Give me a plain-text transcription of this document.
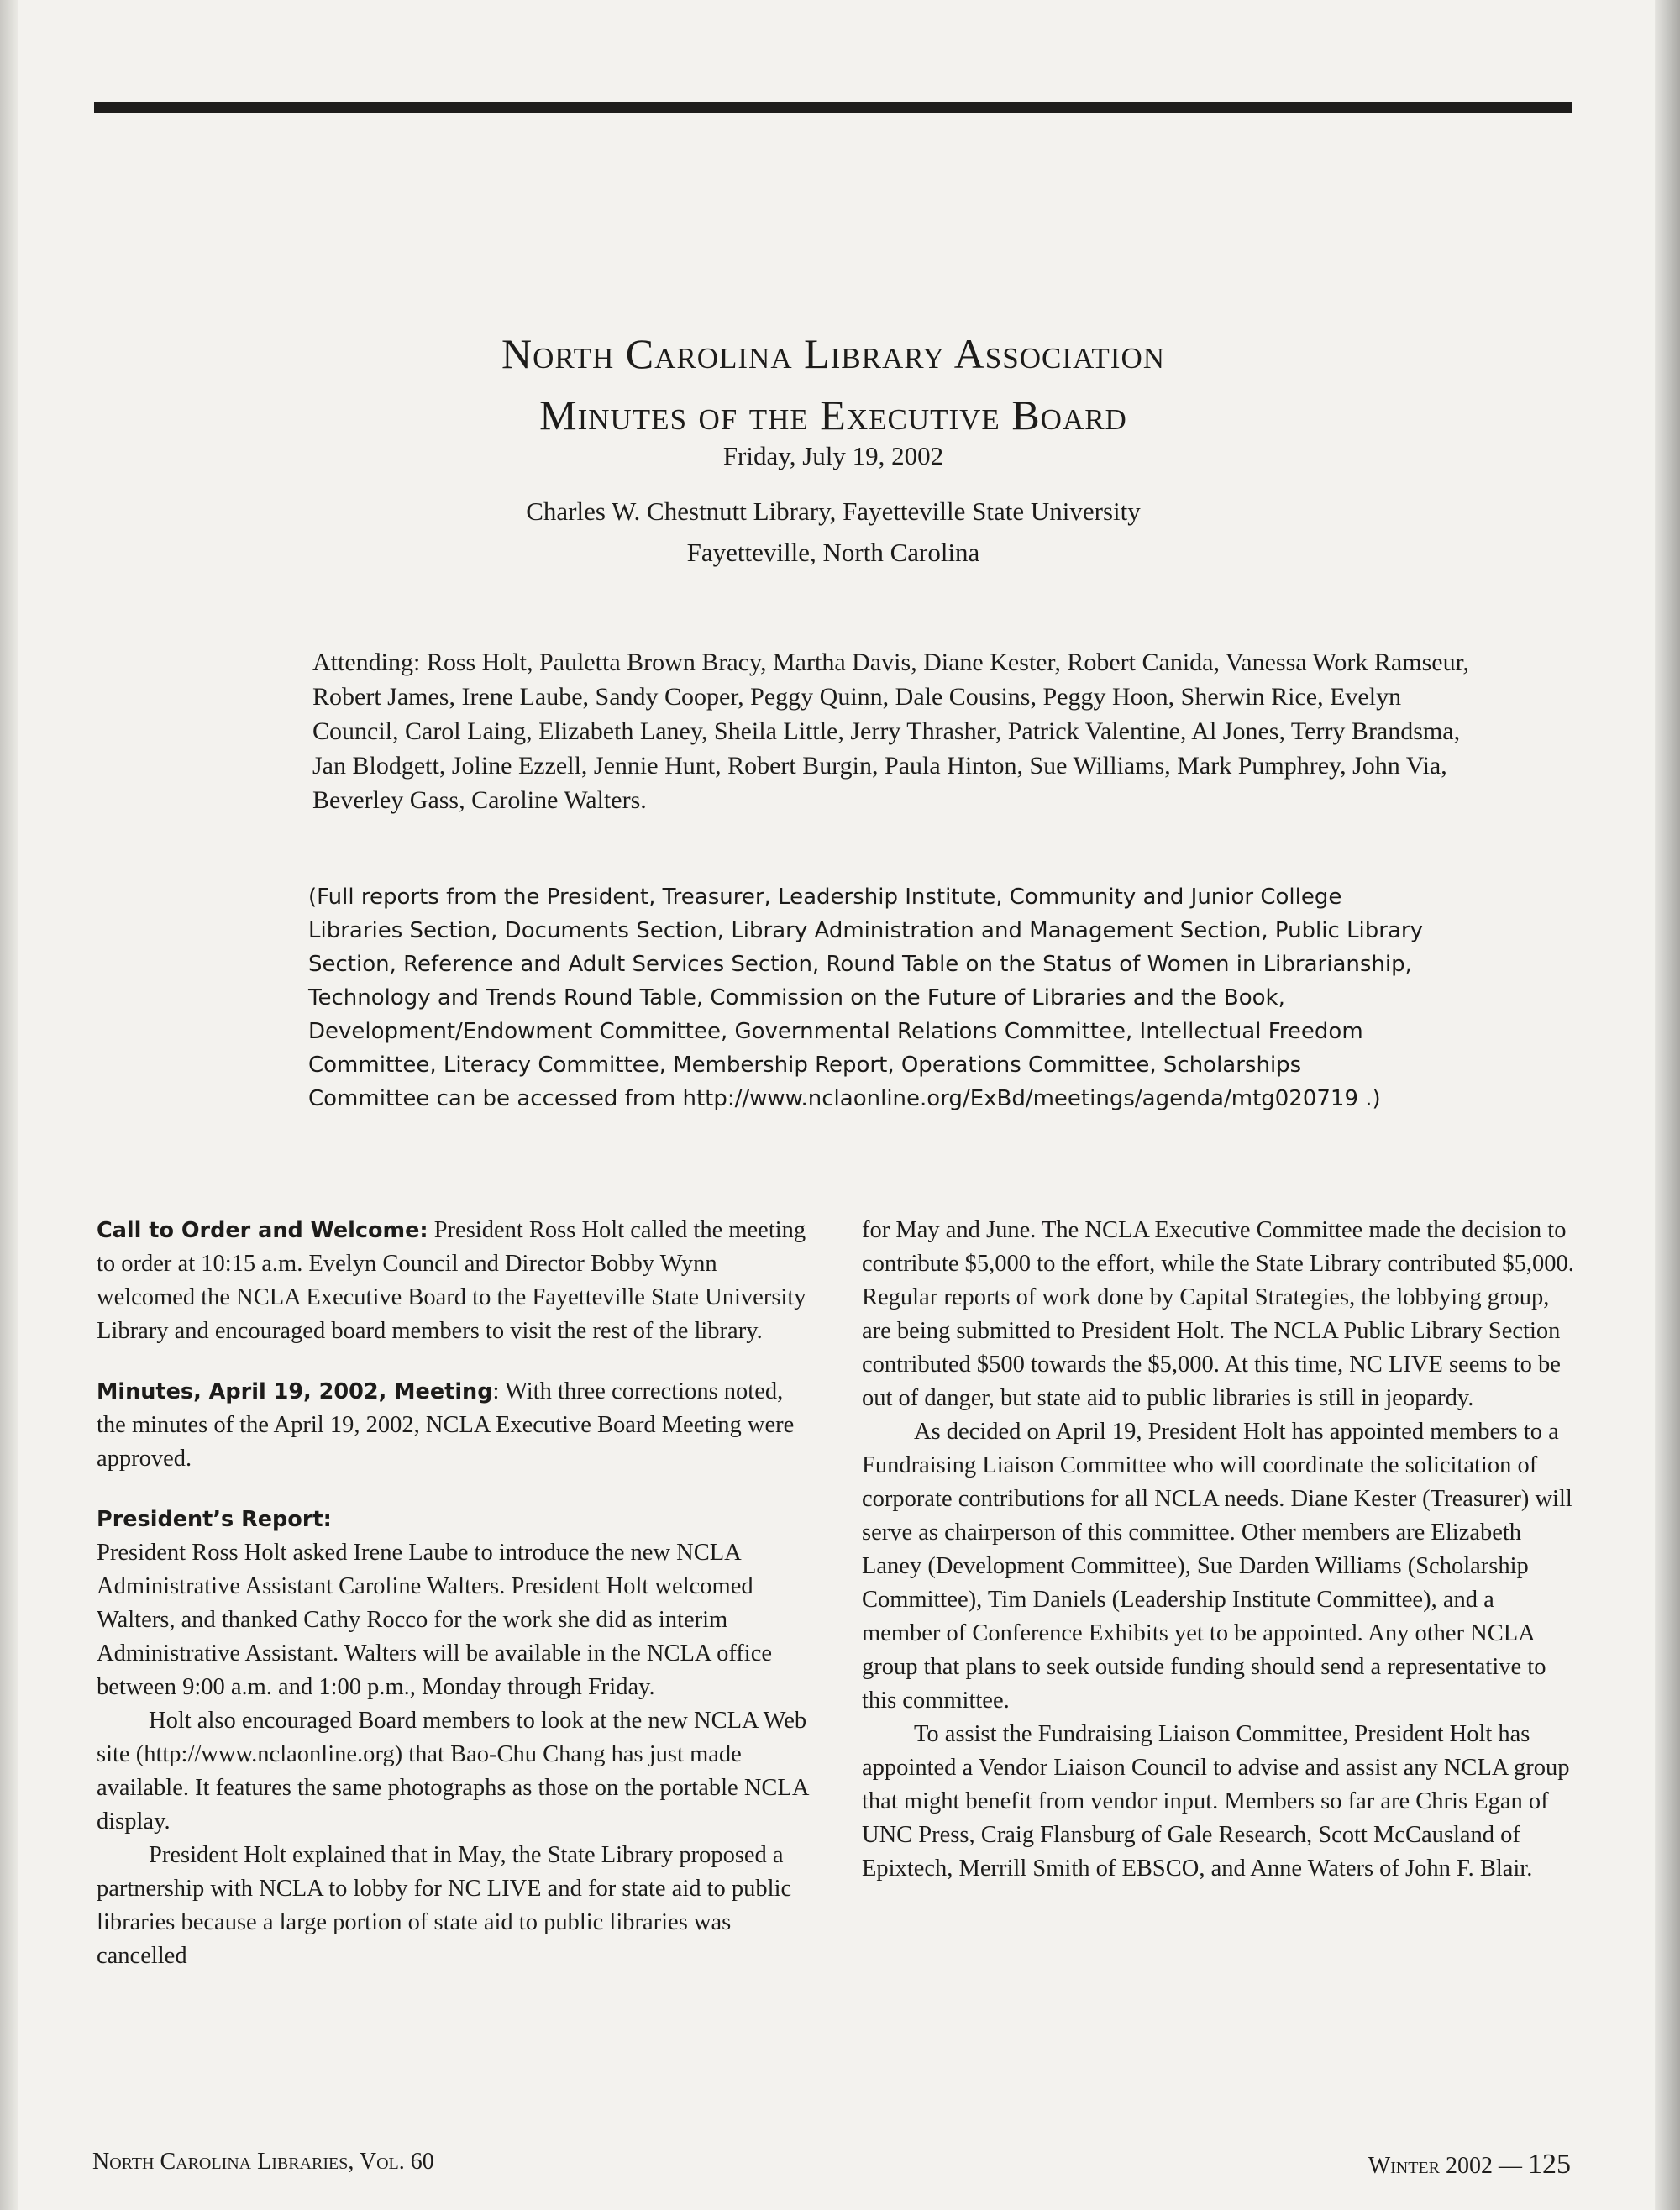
North Carolina Library Association
Minutes of the Executive Board
Friday, July 19, 2002
Charles W. Chestnutt Library, Fayetteville State University
Fayetteville, North Carolina

Attending: Ross Holt, Pauletta Brown Bracy, Martha Davis, Diane Kester, Robert Canida, Vanessa Work Ramseur, Robert James, Irene Laube, Sandy Cooper, Peggy Quinn, Dale Cousins, Peggy Hoon, Sherwin Rice, Evelyn Council, Carol Laing, Elizabeth Laney, Sheila Little, Jerry Thrasher, Patrick Valentine, Al Jones, Terry Brandsma, Jan Blodgett, Joline Ezzell, Jennie Hunt, Robert Burgin, Paula Hinton, Sue Williams, Mark Pumphrey, John Via, Beverley Gass, Caroline Walters.

(Full reports from the President, Treasurer, Leadership Institute, Community and Junior College Libraries Section, Documents Section, Library Administration and Management Section, Public Library Section, Reference and Adult Services Section, Round Table on the Status of Women in Librarianship, Technology and Trends Round Table, Commission on the Future of Libraries and the Book, Development/Endowment Committee, Governmental Relations Committee, Intellectual Freedom Committee, Literacy Committee, Membership Report, Operations Committee, Scholarships Committee can be accessed from http://www.nclaonline.org/ExBd/meetings/agenda/mtg020719 .)

Call to Order and Welcome: President Ross Holt called the meeting to order at 10:15 a.m. Evelyn Council and Director Bobby Wynn welcomed the NCLA Executive Board to the Fayetteville State University Library and encouraged board members to visit the rest of the library.

Minutes, April 19, 2002, Meeting: With three corrections noted, the minutes of the April 19, 2002, NCLA Executive Board Meeting were approved.

President’s Report:

President Ross Holt asked Irene Laube to introduce the new NCLA Administrative Assistant Caroline Walters. President Holt welcomed Walters, and thanked Cathy Rocco for the work she did as interim Administrative Assistant. Walters will be available in the NCLA office between 9:00 a.m. and 1:00 p.m., Monday through Friday.

Holt also encouraged Board members to look at the new NCLA Web site (http://www.nclaonline.org) that Bao-Chu Chang has just made available. It features the same photographs as those on the portable NCLA display.

President Holt explained that in May, the State Library proposed a partnership with NCLA to lobby for NC LIVE and for state aid to public libraries because a large portion of state aid to public libraries was cancelled

for May and June. The NCLA Executive Committee made the decision to contribute $5,000 to the effort, while the State Library contributed $5,000. Regular reports of work done by Capital Strategies, the lobbying group, are being submitted to President Holt. The NCLA Public Library Section contributed $500 towards the $5,000. At this time, NC LIVE seems to be out of danger, but state aid to public libraries is still in jeopardy.

As decided on April 19, President Holt has appointed members to a Fundraising Liaison Committee who will coordinate the solicitation of corporate contributions for all NCLA needs. Diane Kester (Treasurer) will serve as chairperson of this committee. Other members are Elizabeth Laney (Development Committee), Sue Darden Williams (Scholarship Committee), Tim Daniels (Leadership Institute Committee), and a member of Conference Exhibits yet to be appointed. Any other NCLA group that plans to seek outside funding should send a representative to this committee.

To assist the Fundraising Liaison Committee, President Holt has appointed a Vendor Liaison Council to advise and assist any NCLA group that might benefit from vendor input. Members so far are Chris Egan of UNC Press, Craig Flansburg of Gale Research, Scott McCausland of Epixtech, Merrill Smith of EBSCO, and Anne Waters of John F. Blair.

North Carolina Libraries, Vol. 60	Winter 2002 — 125
